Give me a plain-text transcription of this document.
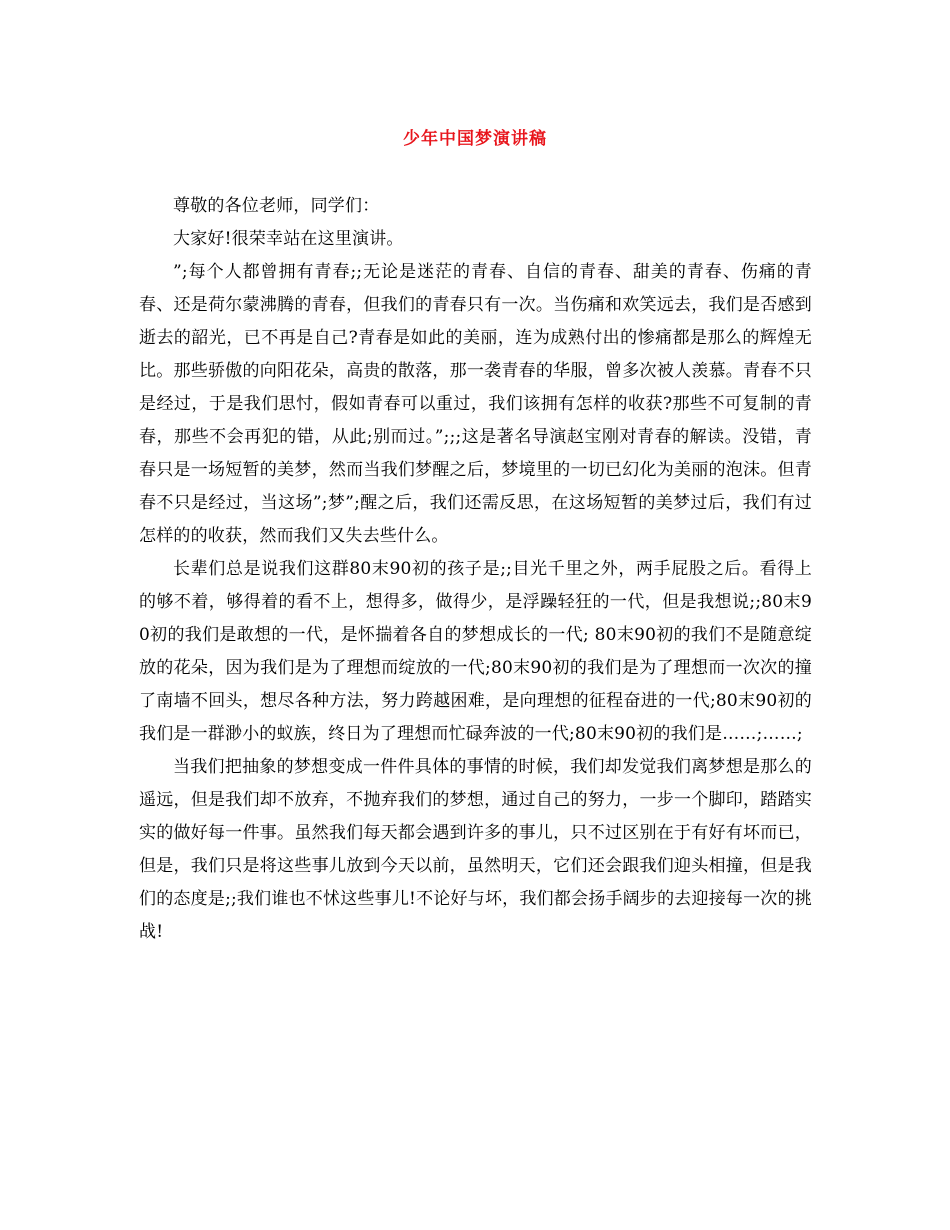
少年中国梦演讲稿

尊敬的各位老师，同学们：

大家好!很荣幸站在这里演讲。

”;每个人都曾拥有青春;;无论是迷茫的青春、自信的青春、甜美的青春、伤痛的青春、还是荷尔蒙沸腾的青春，但我们的青春只有一次。当伤痛和欢笑远去，我们是否感到逝去的韶光，已不再是自己?青春是如此的美丽，连为成熟付出的惨痛都是那么的辉煌无比。那些骄傲的向阳花朵，高贵的散落，那一袭青春的华服，曾多次被人羡慕。青春不只是经过，于是我们思忖，假如青春可以重过，我们该拥有怎样的收获?那些不可复制的青春，那些不会再犯的错，从此;别而过。”;;;这是著名导演赵宝刚对青春的解读。没错，青春只是一场短暂的美梦，然而当我们梦醒之后，梦境里的一切已幻化为美丽的泡沫。但青春不只是经过，当这场”;梦”;醒之后，我们还需反思，在这场短暂的美梦过后，我们有过怎样的的收获，然而我们又失去些什么。

长辈们总是说我们这群80末90初的孩子是;;目光千里之外，两手屁股之后。看得上的够不着，够得着的看不上，想得多，做得少，是浮躁轻狂的一代，但是我想说;;80末90初的我们是敢想的一代，是怀揣着各自的梦想成长的一代; 80末90初的我们不是随意绽放的花朵，因为我们是为了理想而绽放的一代;80末90初的我们是为了理想而一次次的撞了南墙不回头，想尽各种方法，努力跨越困难，是向理想的征程奋进的一代;80末90初的我们是一群渺小的蚁族，终日为了理想而忙碌奔波的一代;80末90初的我们是……;……;

当我们把抽象的梦想变成一件件具体的事情的时候，我们却发觉我们离梦想是那么的遥远，但是我们却不放弃，不抛弃我们的梦想，通过自己的努力，一步一个脚印，踏踏实实的做好每一件事。虽然我们每天都会遇到许多的事儿，只不过区别在于有好有坏而已，但是，我们只是将这些事儿放到今天以前，虽然明天，它们还会跟我们迎头相撞，但是我们的态度是;;我们谁也不怵这些事儿!不论好与坏，我们都会扬手阔步的去迎接每一次的挑战!
